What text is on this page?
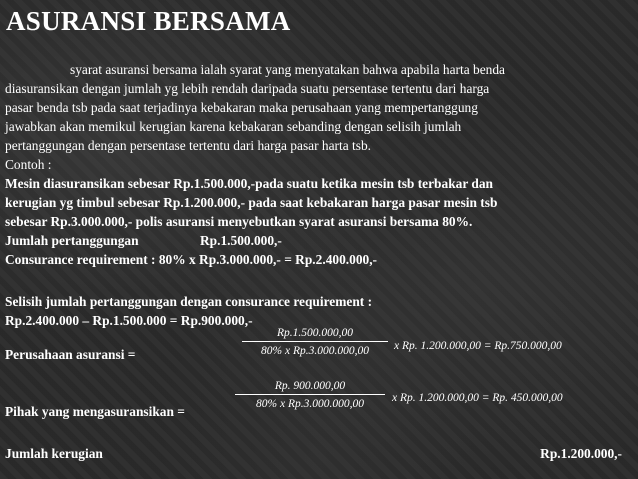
ASURANSI BERSAMA
syarat asuransi bersama ialah syarat yang menyatakan bahwa apabila harta benda
diasuransikan dengan jumlah yg lebih rendah daripada suatu persentase tertentu dari harga
pasar benda tsb pada saat terjadinya kebakaran maka perusahaan yang mempertanggung
jawabkan akan memikul kerugian karena kebakaran sebanding dengan selisih jumlah
pertanggungan dengan persentase tertentu dari harga pasar harta tsb.
Contoh :
Mesin diasuransikan sebesar Rp.1.500.000,-pada suatu ketika mesin tsb terbakar dan
kerugian yg timbul sebesar Rp.1.200.000,- pada saat kebakaran harga pasar mesin tsb
sebesar Rp.3.000.000,- polis asuransi menyebutkan syarat asuransi bersama 80%.
Jumlah pertanggungan	Rp.1.500.000,-
Consurance requirement : 80% x Rp.3.000.000,- = Rp.2.400.000,-
Selisih jumlah pertanggungan dengan consurance requirement :
Rp.2.400.000 – Rp.1.500.000 = Rp.900.000,-
Perusahaan asuransi =
Rp.1.500.000,00
80% x Rp.3.000.000,00	x Rp. 1.200.000,00 = Rp.750.000,00
Pihak yang mengasuransikan =
Rp. 900.000,00
80% x Rp.3.000.000,00	x Rp. 1.200.000,00 = Rp. 450.000,00
Jumlah kerugian	Rp.1.200.000,-
